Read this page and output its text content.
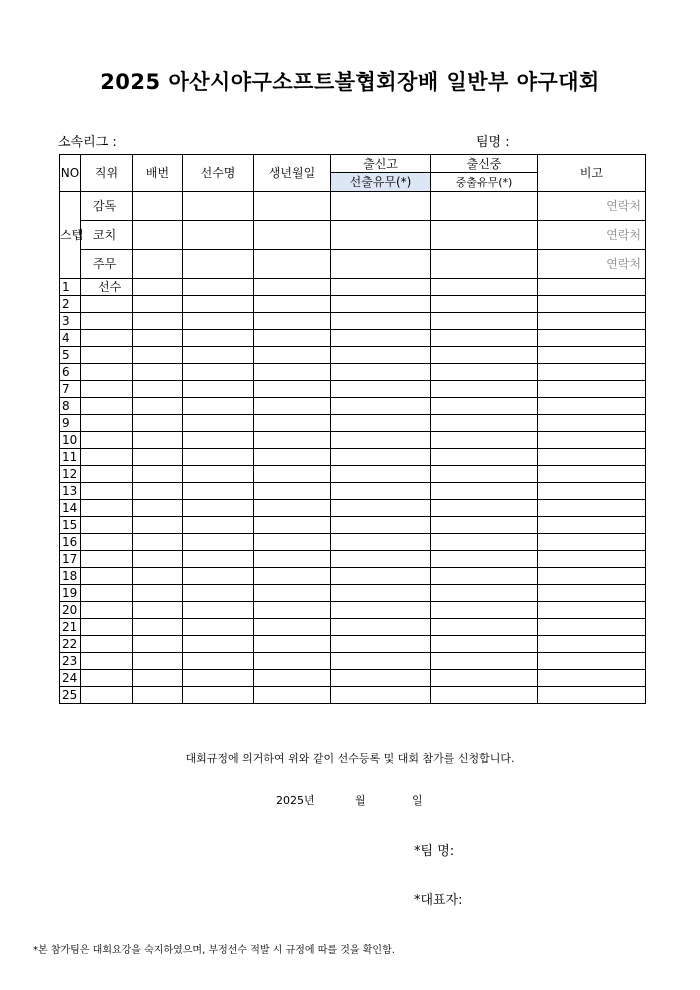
2025 아산시야구소프트볼협회장배 일반부 야구대회
소속리그 :	팀명 :
NO	직위	배번	선수명	생년월일	출신고	출신중	비고
					선출유무(*)	중출유무(*)	
스텝	감독						연락처
	코치						연락처
	주무						연락처
1	선수						
2							
3							
4							
5							
6							
7							
8							
9							
10							
11							
12							
13							
14							
15							
16							
17							
18							
19							
20							
21							
22							
23							
24							
25							
대회규정에 의거하여 위와 같이 선수등록 및 대회 참가를 신청합니다.
2025년	월	일
*팀 명:
*대표자:
*본 참가팀은 대회요강을 숙지하였으며, 부정선수 적발 시 규정에 따를 것을 확인함.
